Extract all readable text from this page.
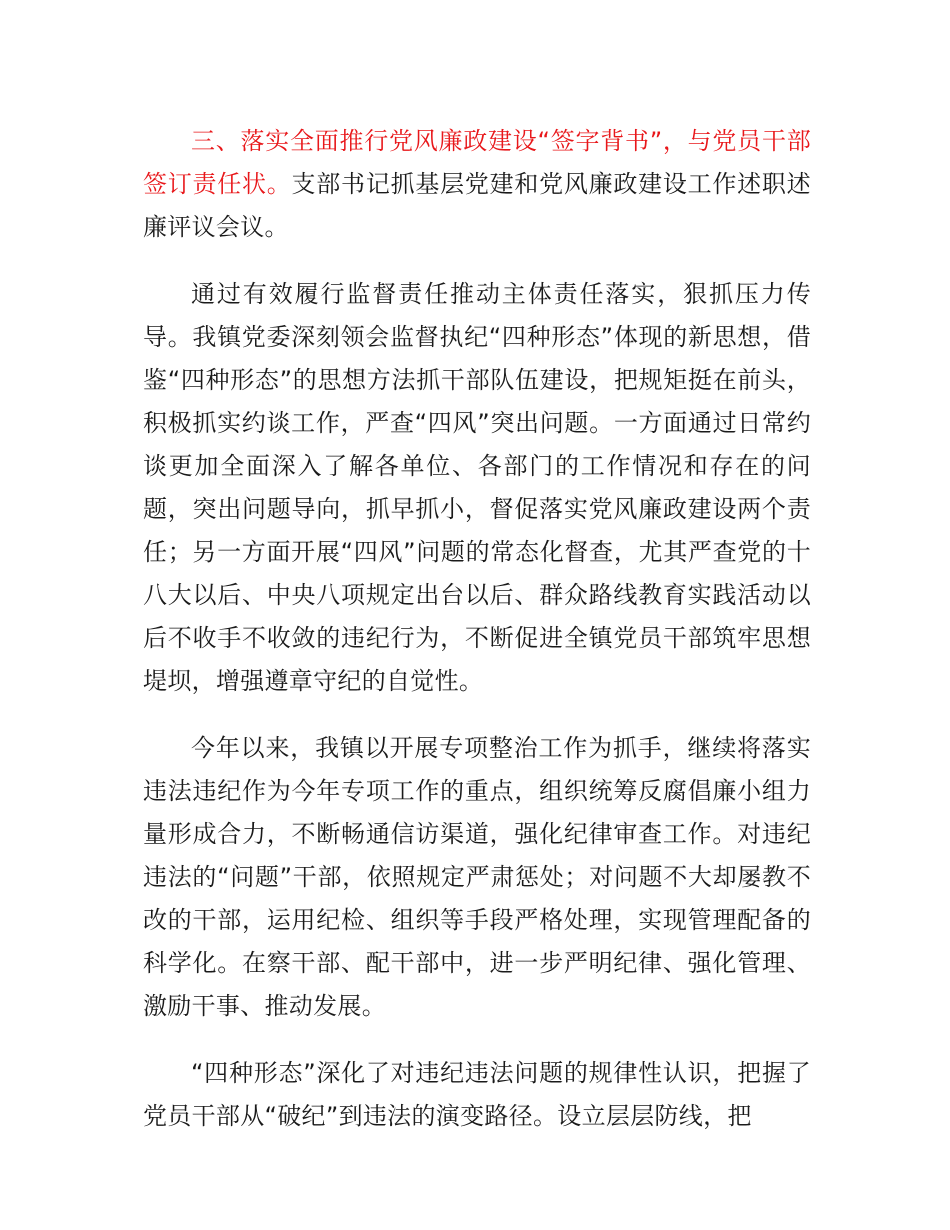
三、落实全面推行党风廉政建设“签字背书”，与党员干部签订责任状。支部书记抓基层党建和党风廉政建设工作述职述廉评议会议。

通过有效履行监督责任推动主体责任落实，狠抓压力传导。我镇党委深刻领会监督执纪“四种形态”体现的新思想，借鉴“四种形态”的思想方法抓干部队伍建设，把规矩挺在前头，积极抓实约谈工作，严查“四风”突出问题。一方面通过日常约谈更加全面深入了解各单位、各部门的工作情况和存在的问题，突出问题导向，抓早抓小，督促落实党风廉政建设两个责任；另一方面开展“四风”问题的常态化督查，尤其严查党的十八大以后、中央八项规定出台以后、群众路线教育实践活动以后不收手不收敛的违纪行为，不断促进全镇党员干部筑牢思想堤坝，增强遵章守纪的自觉性。

今年以来，我镇以开展专项整治工作为抓手，继续将落实违法违纪作为今年专项工作的重点，组织统筹反腐倡廉小组力量形成合力，不断畅通信访渠道，强化纪律审查工作。对违纪违法的“问题”干部，依照规定严肃惩处；对问题不大却屡教不改的干部，运用纪检、组织等手段严格处理，实现管理配备的科学化。在察干部、配干部中，进一步严明纪律、强化管理、激励干事、推动发展。

“四种形态”深化了对违纪违法问题的规律性认识，把握了党员干部从“破纪”到违法的演变路径。设立层层防线，把
